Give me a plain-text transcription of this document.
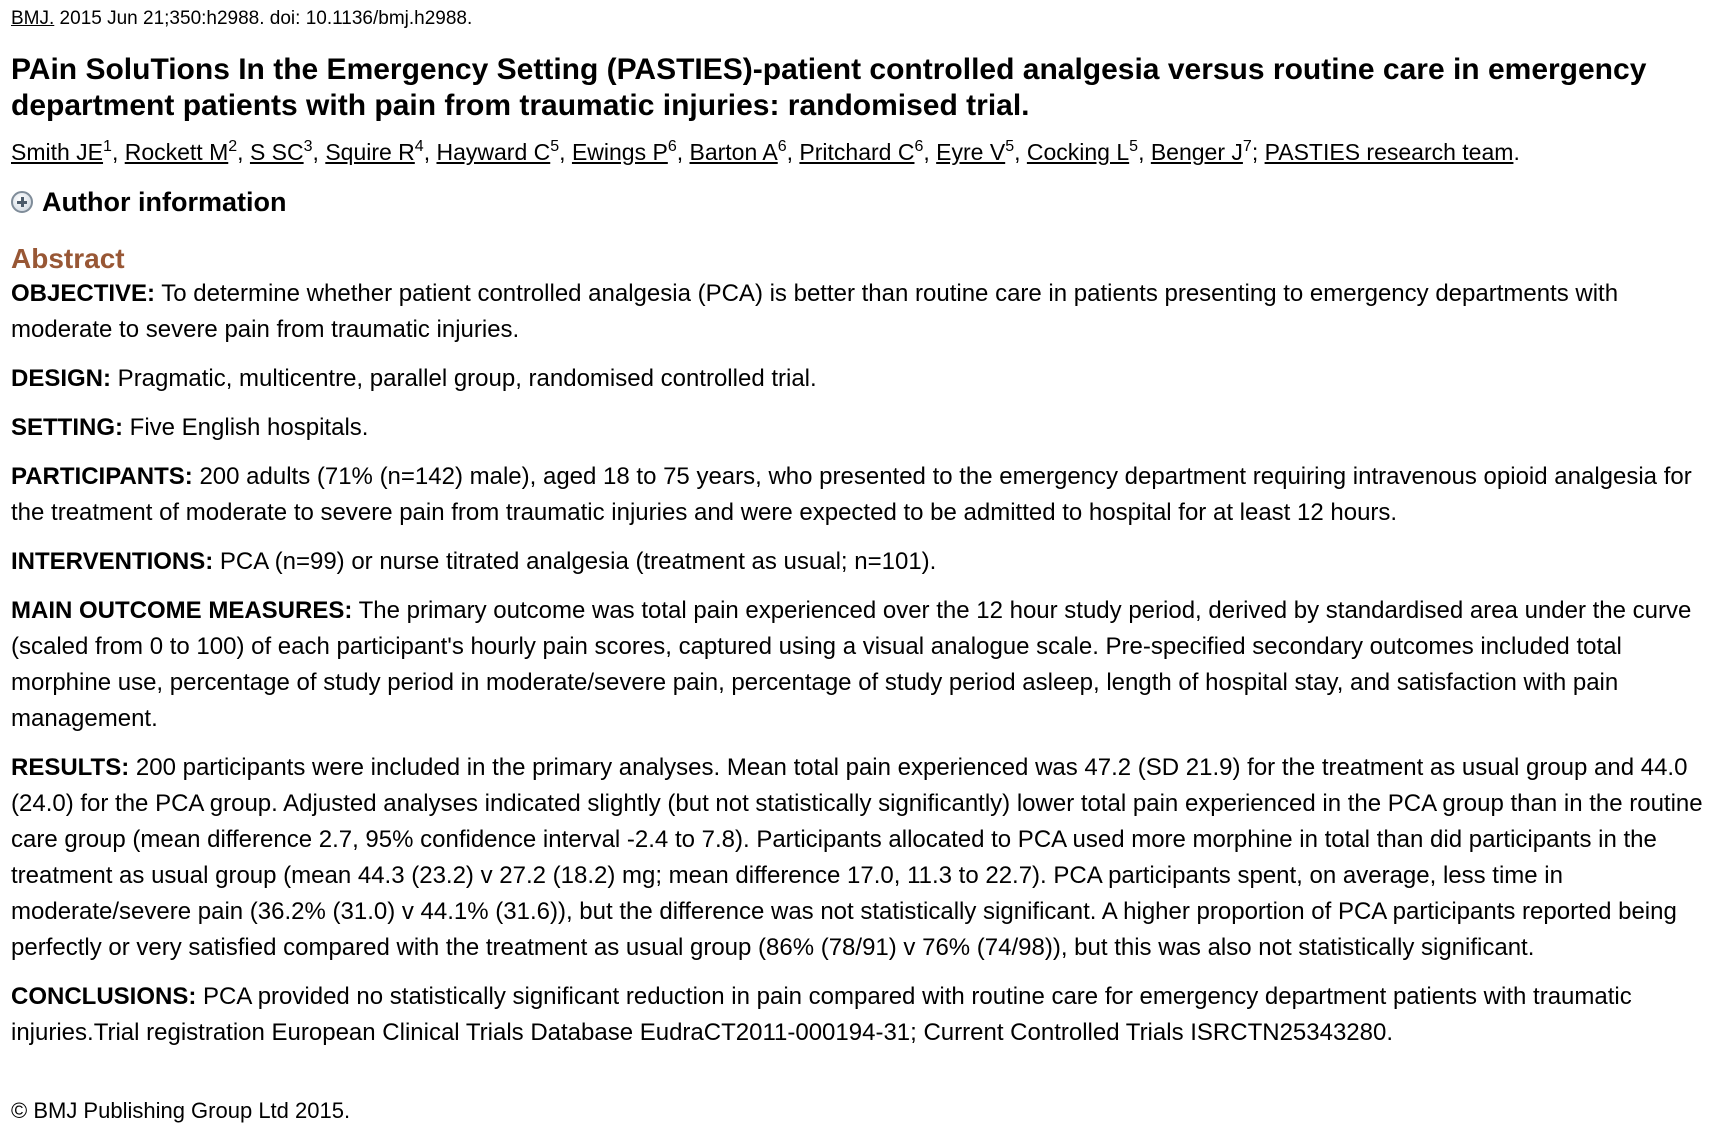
BMJ. 2015 Jun 21;350:h2988. doi: 10.1136/bmj.h2988.
PAin SoluTions In the Emergency Setting (PASTIES)-patient controlled analgesia versus routine care in emergency department patients with pain from traumatic injuries: randomised trial.
Smith $JE^1$, Rockett $M^2$, S $SC^3$, Squire $R^4$, Hayward $C^5$, Ewings $P^6$, Barton $A^6$, Pritchard $C^6$, Eyre $V^5$, Cocking $L^5$, Benger $J^7$; PASTIES research team.
Author information
Abstract
OBJECTIVE: To determine whether patient controlled analgesia (PCA) is better than routine care in patients presenting to emergency departments with moderate to severe pain from traumatic injuries.
DESIGN: Pragmatic, multicentre, parallel group, randomised controlled trial.
SETTING: Five English hospitals.
PARTICIPANTS: 200 adults (71% (n=142) male), aged 18 to 75 years, who presented to the emergency department requiring intravenous opioid analgesia for the treatment of moderate to severe pain from traumatic injuries and were expected to be admitted to hospital for at least 12 hours.
INTERVENTIONS: PCA (n=99) or nurse titrated analgesia (treatment as usual; n=101).
MAIN OUTCOME MEASURES: The primary outcome was total pain experienced over the 12 hour study period, derived by standardised area under the curve (scaled from 0 to 100) of each participant's hourly pain scores, captured using a visual analogue scale. Pre-specified secondary outcomes included total morphine use, percentage of study period in moderate/severe pain, percentage of study period asleep, length of hospital stay, and satisfaction with pain management.
RESULTS: 200 participants were included in the primary analyses. Mean total pain experienced was 47.2 (SD 21.9) for the treatment as usual group and 44.0 (24.0) for the PCA group. Adjusted analyses indicated slightly (but not statistically significantly) lower total pain experienced in the PCA group than in the routine care group (mean difference 2.7, 95% confidence interval -2.4 to 7.8). Participants allocated to PCA used more morphine in total than did participants in the treatment as usual group (mean 44.3 (23.2) v 27.2 (18.2) mg; mean difference 17.0, 11.3 to 22.7). PCA participants spent, on average, less time in moderate/severe pain (36.2% (31.0) v 44.1% (31.6)), but the difference was not statistically significant. A higher proportion of PCA participants reported being perfectly or very satisfied compared with the treatment as usual group (86% (78/91) v 76% (74/98)), but this was also not statistically significant.
CONCLUSIONS: PCA provided no statistically significant reduction in pain compared with routine care for emergency department patients with traumatic injuries.Trial registration European Clinical Trials Database EudraCT2011-000194-31; Current Controlled Trials ISRCTN25343280.
© BMJ Publishing Group Ltd 2015.
